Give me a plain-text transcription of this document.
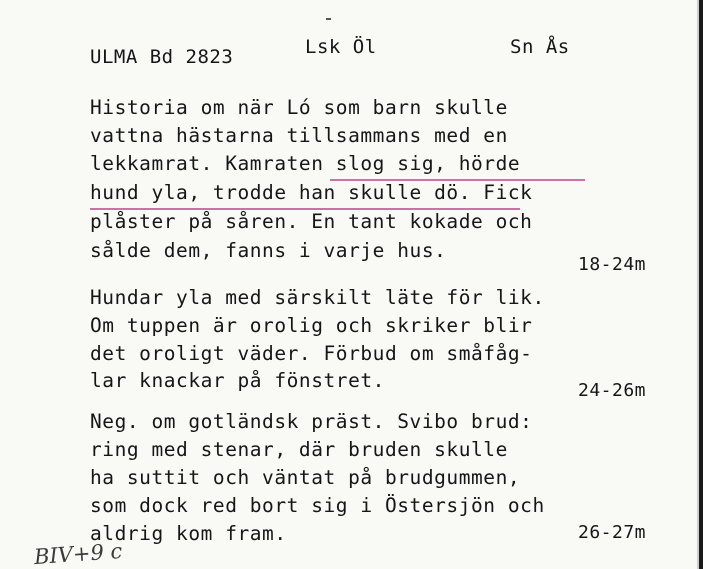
ULMA Bd 2823	Lsk Öl	Sn Ås
Historia om när Ló som barn skulle
vattna hästarna tillsammans med en
lekkamrat. Kamraten slog sig, hörde
hund yla, trodde han skulle dö. Fick
plåster på såren. En tant kokade och
sålde dem, fanns i varje hus.
18-24m
Hundar yla med särskilt läte för lik.
Om tuppen är orolig och skriker blir
det oroligt väder. Förbud om småfåg-
lar knackar på fönstret.	24-26m
Neg. om gotländsk präst. Svibo brud:
ring med stenar, där bruden skulle
ha suttit och väntat på brudgummen,
som dock red bort sig i Östersjön och
aldrig kom fram.	26-27m
BIV+9 c
